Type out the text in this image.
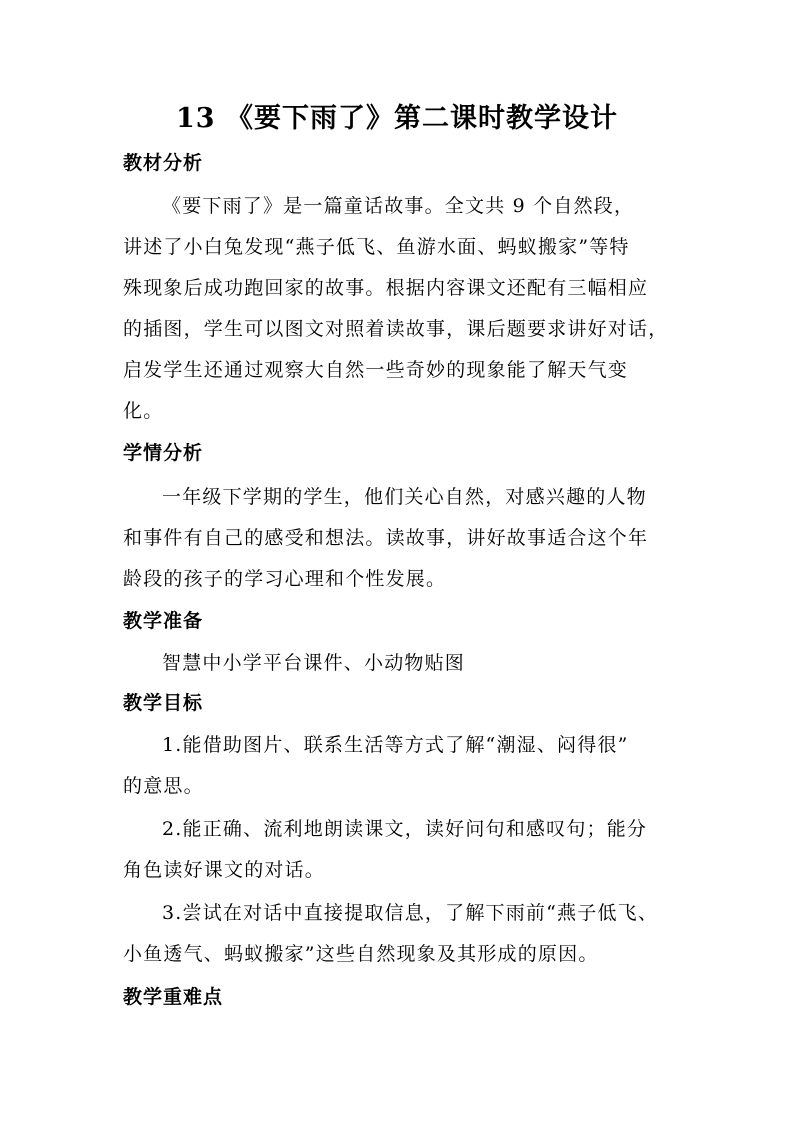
13 《要下雨了》第二课时教学设计
教材分析
《要下雨了》是一篇童话故事。全文共 9 个自然段，
讲述了小白兔发现“燕子低飞、鱼游水面、蚂蚁搬家”等特
殊现象后成功跑回家的故事。根据内容课文还配有三幅相应
的插图，学生可以图文对照着读故事，课后题要求讲好对话，
启发学生还通过观察大自然一些奇妙的现象能了解天气变
化。
学情分析
一年级下学期的学生，他们关心自然，对感兴趣的人物
和事件有自己的感受和想法。读故事，讲好故事适合这个年
龄段的孩子的学习心理和个性发展。
教学准备
智慧中小学平台课件、小动物贴图
教学目标
1.能借助图片、联系生活等方式了解“潮湿、闷得很”
的意思。
2.能正确、流利地朗读课文，读好问句和感叹句；能分
角色读好课文的对话。
3.尝试在对话中直接提取信息，了解下雨前“燕子低飞、
小鱼透气、蚂蚁搬家”这些自然现象及其形成的原因。
教学重难点
